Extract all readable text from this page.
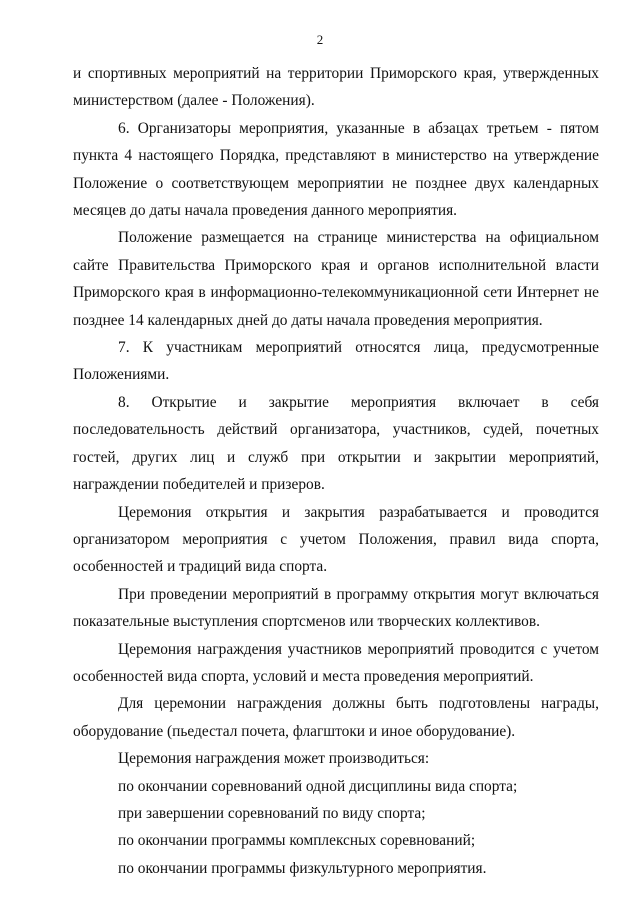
2

и спортивных мероприятий на территории Приморского края, утвержденных министерством (далее - Положения).

6. Организаторы мероприятия, указанные в абзацах третьем - пятом пункта 4 настоящего Порядка, представляют в министерство на утверждение Положение о соответствующем мероприятии не позднее двух календарных месяцев до даты начала проведения данного мероприятия.

Положение размещается на странице министерства на официальном сайте Правительства Приморского края и органов исполнительной власти Приморского края в информационно-телекоммуникационной сети Интернет не позднее 14 календарных дней до даты начала проведения мероприятия.

7. К участникам мероприятий относятся лица, предусмотренные Положениями.

8. Открытие и закрытие мероприятия включает в себя последовательность действий организатора, участников, судей, почетных гостей, других лиц и служб при открытии и закрытии мероприятий, награждении победителей и призеров.

Церемония открытия и закрытия разрабатывается и проводится организатором мероприятия с учетом Положения, правил вида спорта, особенностей и традиций вида спорта.

При проведении мероприятий в программу открытия могут включаться показательные выступления спортсменов или творческих коллективов.

Церемония награждения участников мероприятий проводится с учетом особенностей вида спорта, условий и места проведения мероприятий.

Для церемонии награждения должны быть подготовлены награды, оборудование (пьедестал почета, флагштоки и иное оборудование).

Церемония награждения может производиться:

по окончании соревнований одной дисциплины вида спорта;

при завершении соревнований по виду спорта;

по окончании программы комплексных соревнований;

по окончании программы физкультурного мероприятия.
